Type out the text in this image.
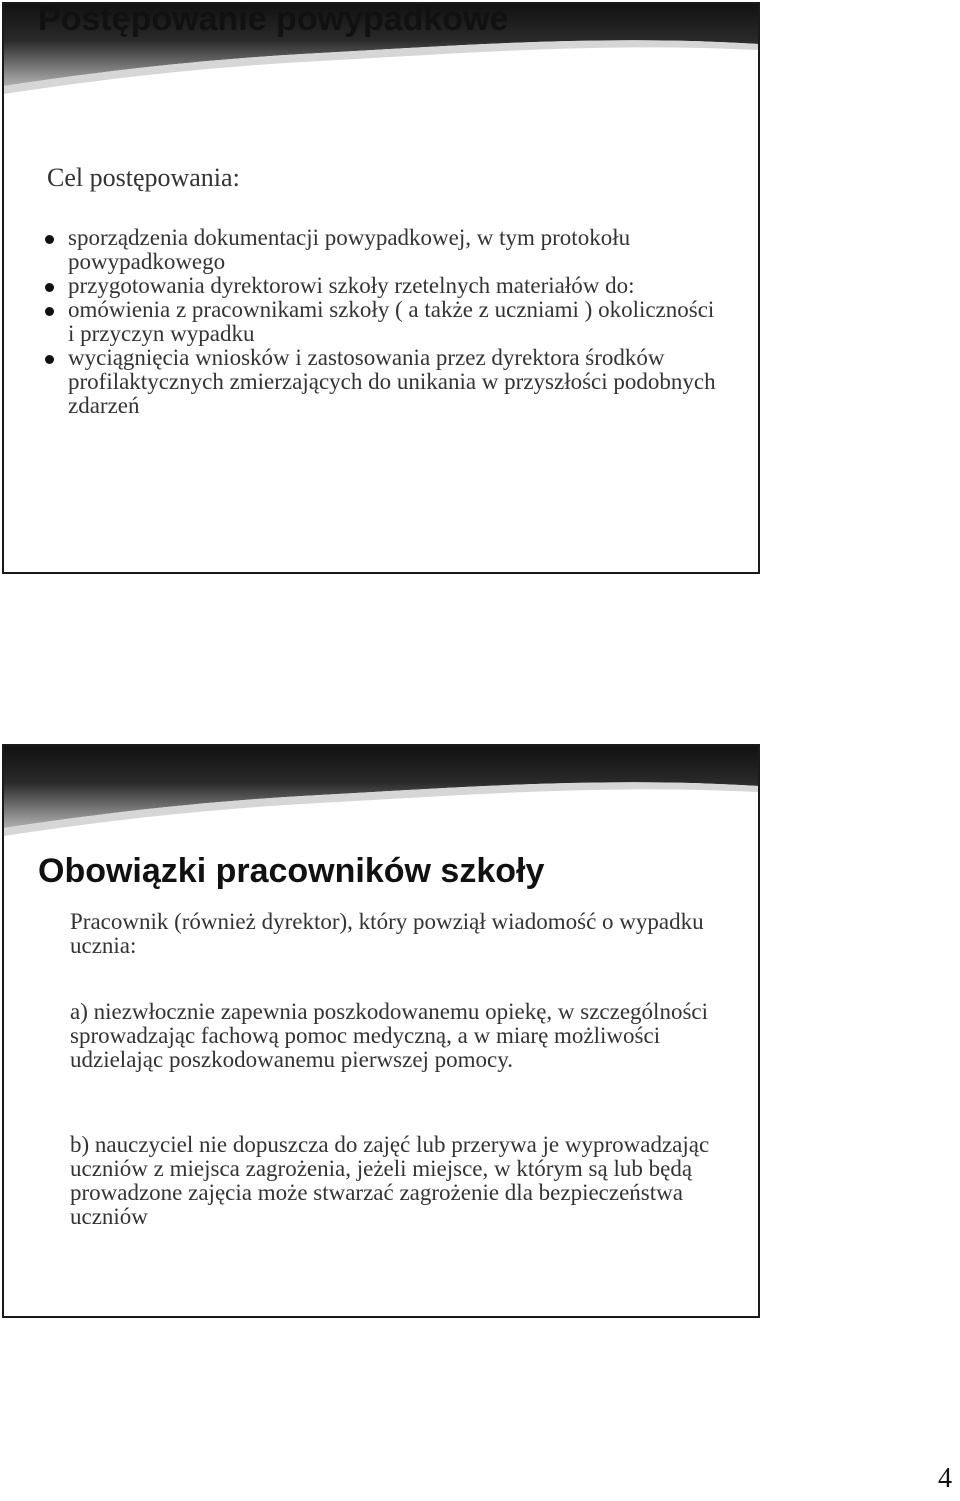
Postępowanie powypadkowe

Cel postępowania:

sporządzenia dokumentacji powypadkowej, w tym protokołu powypadkowego
przygotowania dyrektorowi szkoły rzetelnych materiałów do:
omówienia z pracownikami szkoły ( a także z uczniami ) okoliczności i przyczyn wypadku
wyciągnięcia wniosków i zastosowania przez dyrektora środków profilaktycznych zmierzających do unikania w przyszłości podobnych zdarzeń
Obowiązki pracowników szkoły

Pracownik (również dyrektor), który powziął wiadomość o wypadku ucznia:

a) niezwłocznie zapewnia poszkodowanemu opiekę, w szczególności sprowadzając fachową pomoc medyczną, a w miarę możliwości udzielając poszkodowanemu pierwszej pomocy.

b) nauczyciel nie dopuszcza do zajęć lub przerywa je wyprowadzając uczniów z miejsca zagrożenia, jeżeli miejsce, w którym są lub będą prowadzone zajęcia może stwarzać zagrożenie dla bezpieczeństwa uczniów

4
